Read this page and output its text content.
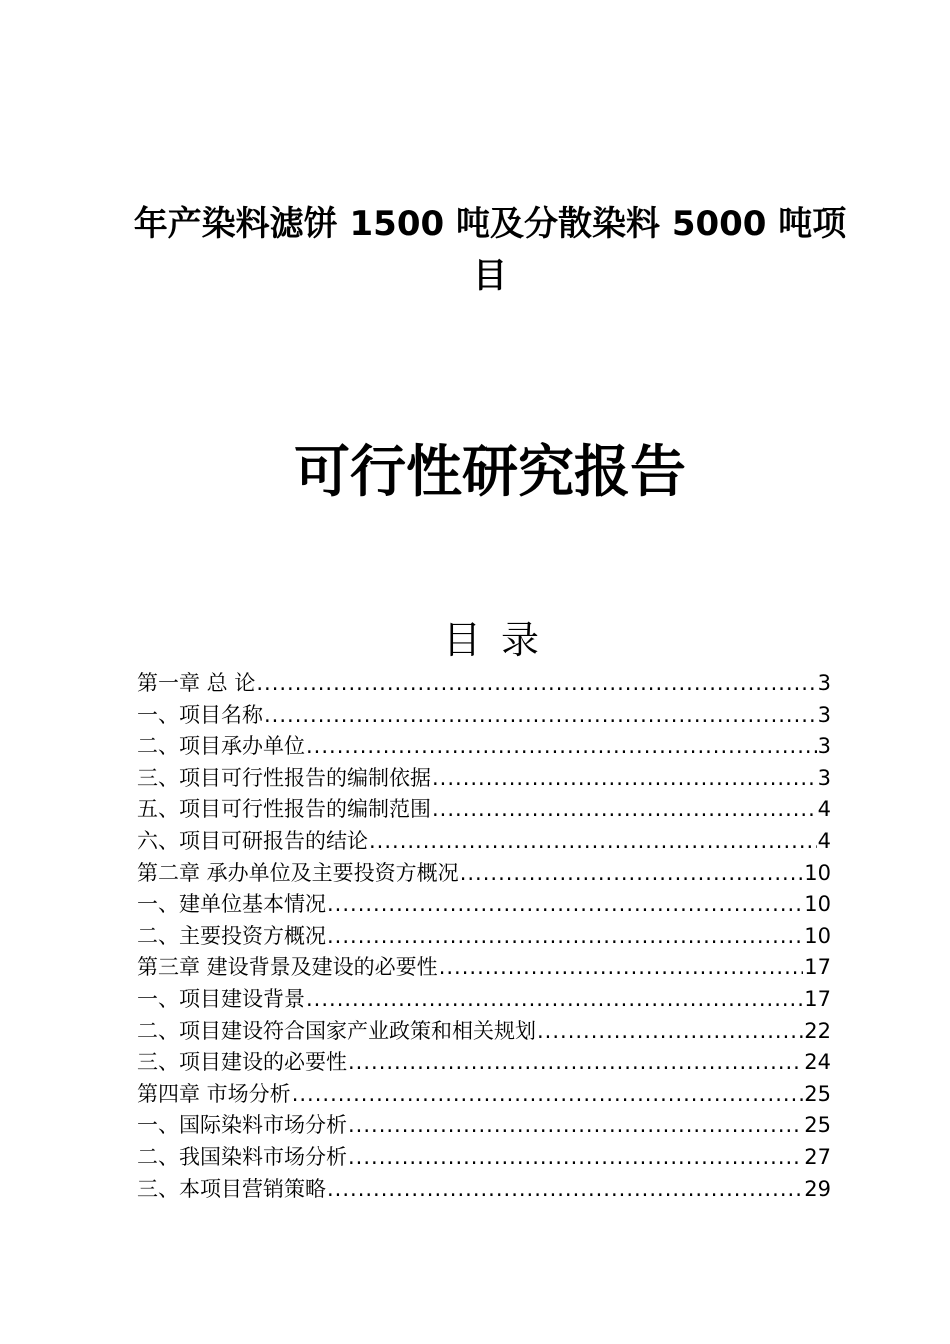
年产染料滤饼 1500 吨及分散染料 5000 吨项目
可行性研究报告
目 录
第一章 总 论 .....	3
一、项目名称 .....	3
二、项目承办单位 .....	3
三、项目可行性报告的编制依据 .....	3
五、项目可行性报告的编制范围 .....	4
六、项目可研报告的结论 .....	4
第二章 承办单位及主要投资方概况 .....	10
一、建单位基本情况 .....	10
二、主要投资方概况 .....	10
第三章 建设背景及建设的必要性 .....	17
一、项目建设背景 .....	17
二、项目建设符合国家产业政策和相关规划 .....	22
三、项目建设的必要性 .....	24
第四章 市场分析 .....	25
一、国际染料市场分析 .....	25
二、我国染料市场分析 .....	27
三、本项目营销策略 .....	29
